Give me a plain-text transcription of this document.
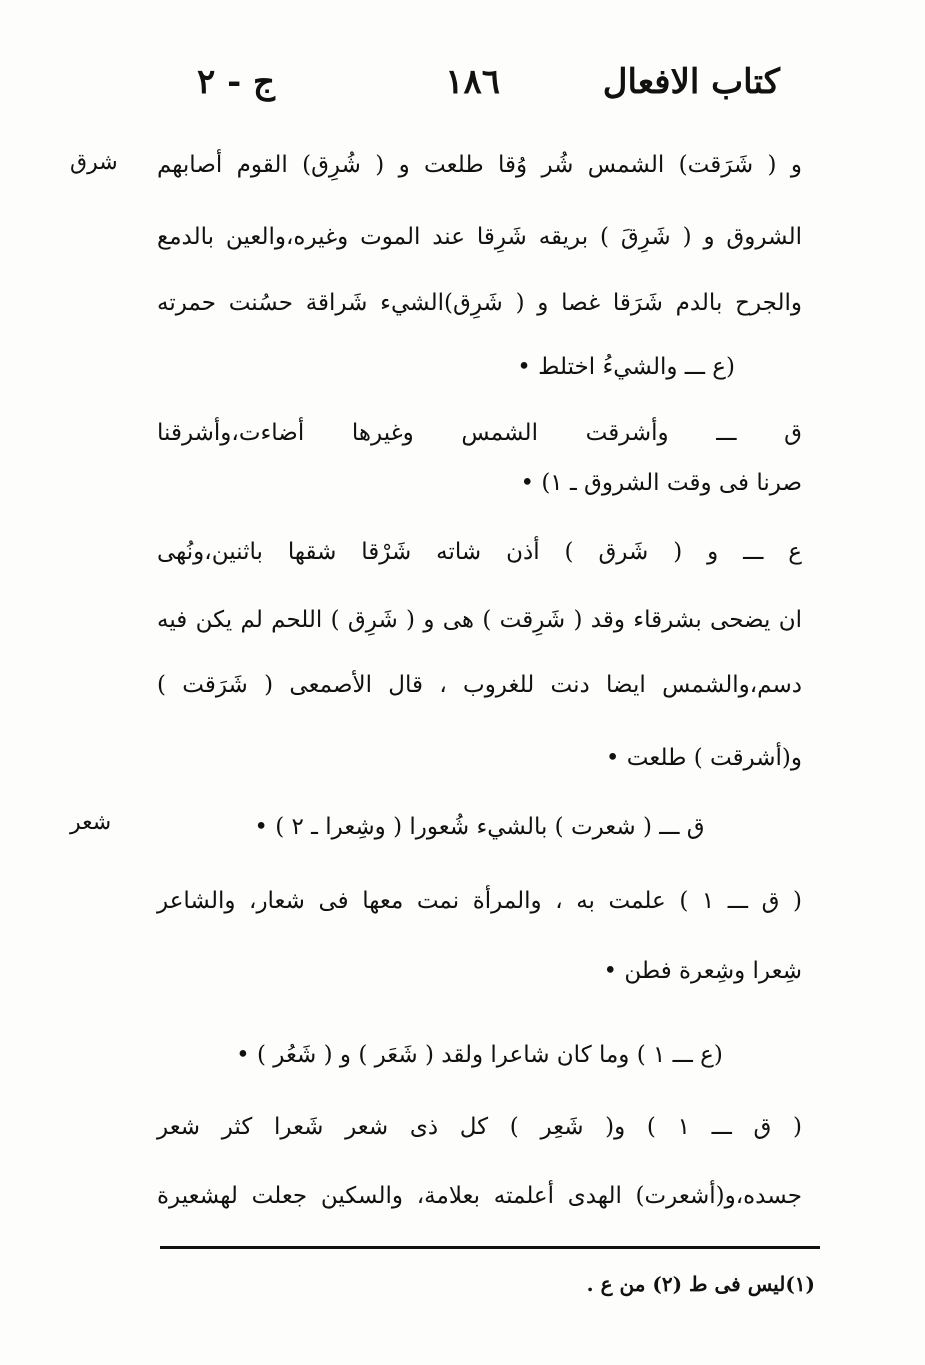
كتاب الافعال
١٨٦
ج - ٢
شرق
شعر
و ( شَرَقت) الشمس شُر وُقا طلعت و ( شُرِق) القوم أصابهم
الشروق و ( شَرِقَ ) بريقه شَرِقا عند الموت وغيره،والعين بالدمع
والجرح بالدم شَرَقا غصا و ( شَرِق)الشيء شَراقة حسُنت حمرته
(ع ـــ والشيءُ اختلط •
ق ـــ وأشرقت الشمس وغيرها أضاءت،وأشرقنا
صرنا فى وقت الشروق ـ ١) •
ع ـــ و ( شَرق ) أذن شاته شَرْقا شقها باثنين،ونُهى
ان يضحى بشرقاء وقد ( شَرِقت ) هى و ( شَرِق ) اللحم لم يكن فيه
دسم،والشمس ايضا دنت للغروب ، قال الأصمعى ( شَرَقت )
و(أشرقت ) طلعت •
ق ـــ ( شعرت ) بالشيء شُعورا ( وشِعرا ـ ٢ ) •
( ق ـــ ١ ) علمت به ، والمرأة نمت معها فى شعار، والشاعر
شِعرا وشِعرة فطن •
(ع ـــ ١ ) وما كان شاعرا ولقد ( شَعَر ) و ( شَعُر ) •
( ق ـــ ١ ) و( شَعِر ) كل ذى شعر شَعرا كثر شعر
جسده،و(أشعرت) الهدى أعلمته بعلامة، والسكين جعلت لهشعيرة
(١)ليس فى ط (٢) من ع .
